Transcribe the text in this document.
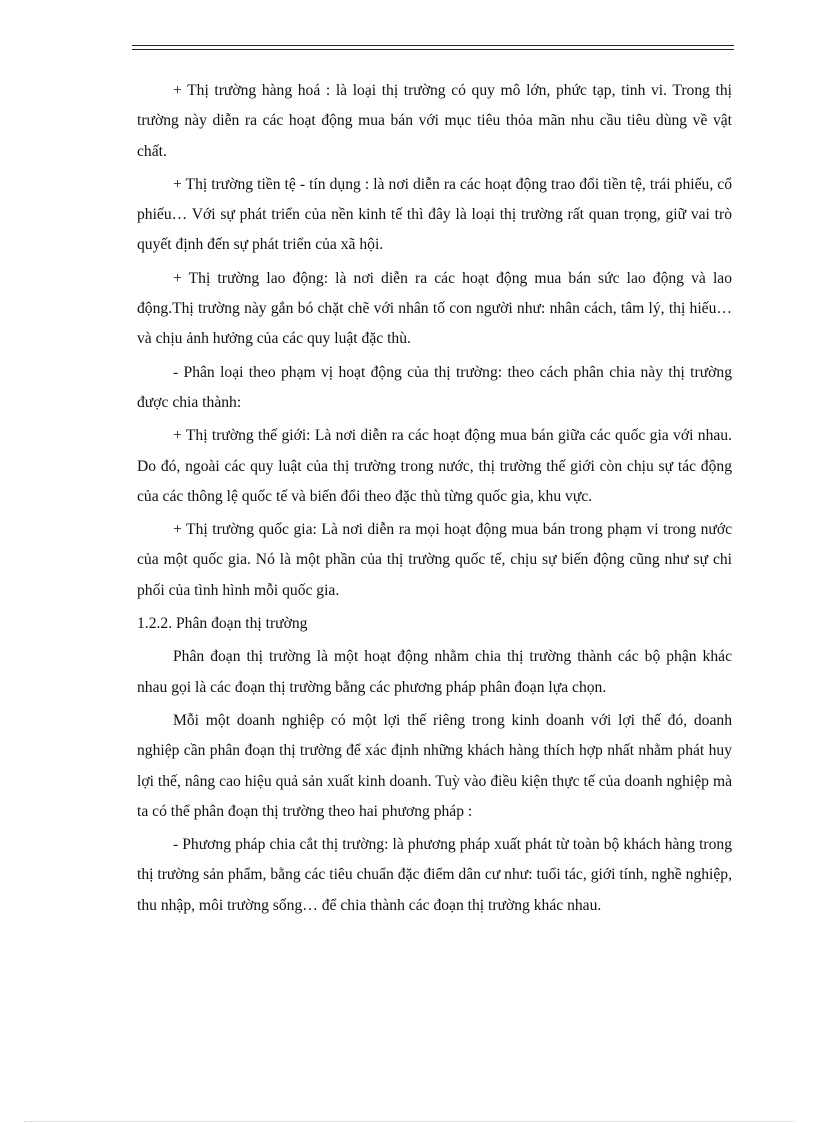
+ Thị trường hàng hoá : là loại thị trường có quy mô lớn, phức tạp, tinh vi. Trong thị trường này diễn ra các hoạt động mua bán với mục tiêu thỏa mãn nhu cầu tiêu dùng về vật chất.

+ Thị trường tiền tệ - tín dụng : là nơi diễn ra các hoạt động trao đổi tiền tệ, trái phiếu, cổ phiếu… Với sự phát triển của nền kinh tế thì đây là loại thị trường rất quan trọng, giữ vai trò quyết định đến sự phát triển của xã hội.

+ Thị trường lao động: là nơi diễn ra các hoạt động mua bán sức lao động và lao động.Thị trường này gắn bó chặt chẽ với nhân tố con người như: nhân cách, tâm lý, thị hiếu… và chịu ảnh hưởng của các quy luật đặc thù.

- Phân loại theo phạm vị hoạt động của thị trường: theo cách phân chia này thị trường được chia thành:

+ Thị trường thế giới: Là nơi diễn ra các hoạt động mua bán giữa các quốc gia với nhau. Do đó, ngoài các quy luật của thị trường trong nước, thị trường thế giới còn chịu sự tác động của các thông lệ quốc tế và biến đổi theo đặc thù từng quốc gia, khu vực.

+ Thị trường quốc gia: Là nơi diễn ra mọi hoạt động mua bán trong phạm vi trong nước của một quốc gia. Nó là một phần của thị trường quốc tế, chịu sự biến động cũng như sự chi phối của tình hình mỗi quốc gia.

1.2.2. Phân đoạn thị trường

Phân đoạn thị trường là một hoạt động nhằm chia thị trường thành các bộ phận khác nhau gọi là các đoạn thị trường bằng các phương pháp phân đoạn lựa chọn.

Mỗi một doanh nghiệp có một lợi thế riêng trong kinh doanh với lợi thế đó, doanh nghiệp cần phân đoạn thị trường để xác định những khách hàng thích hợp nhất nhằm phát huy lợi thế, nâng cao hiệu quả sản xuất kinh doanh. Tuỳ vào điều kiện thực tế của doanh nghiệp mà ta có thể phân đoạn thị trường theo hai phương pháp :

- Phương pháp chia cắt thị trường: là phương pháp xuất phát từ toàn bộ khách hàng trong thị trường sản phẩm, bằng các tiêu chuẩn đặc điểm dân cư như: tuổi tác, giới tính, nghề nghiệp, thu nhập, môi trường sống… để chia thành các đoạn thị trường khác nhau.
